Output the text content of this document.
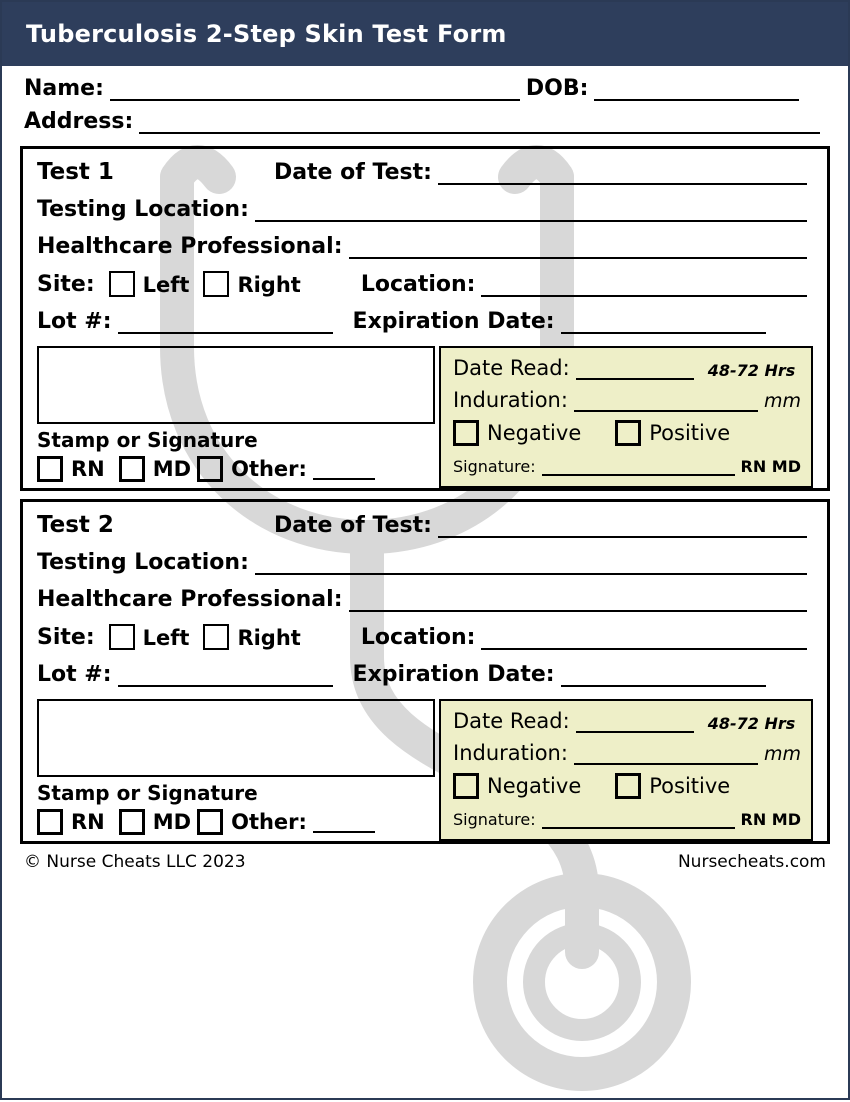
Tuberculosis 2-Step Skin Test Form
Name:	DOB:
Address:
Test 1	Date of Test:
Testing Location:
Healthcare Professional:
Site: Left Right	Location:
Lot #:	Expiration Date:
Stamp or Signature
RN MD Other:
Date Read:	48-72 Hrs
Induration:	mm
Negative	Positive
Signature:	RN MD
Test 2	Date of Test:
Testing Location:
Healthcare Professional:
Site: Left Right	Location:
Lot #:	Expiration Date:
Stamp or Signature
RN MD Other:
Date Read:	48-72 Hrs
Induration:	mm
Negative	Positive
Signature:	RN MD
© Nurse Cheats LLC 2023	Nursecheats.com
